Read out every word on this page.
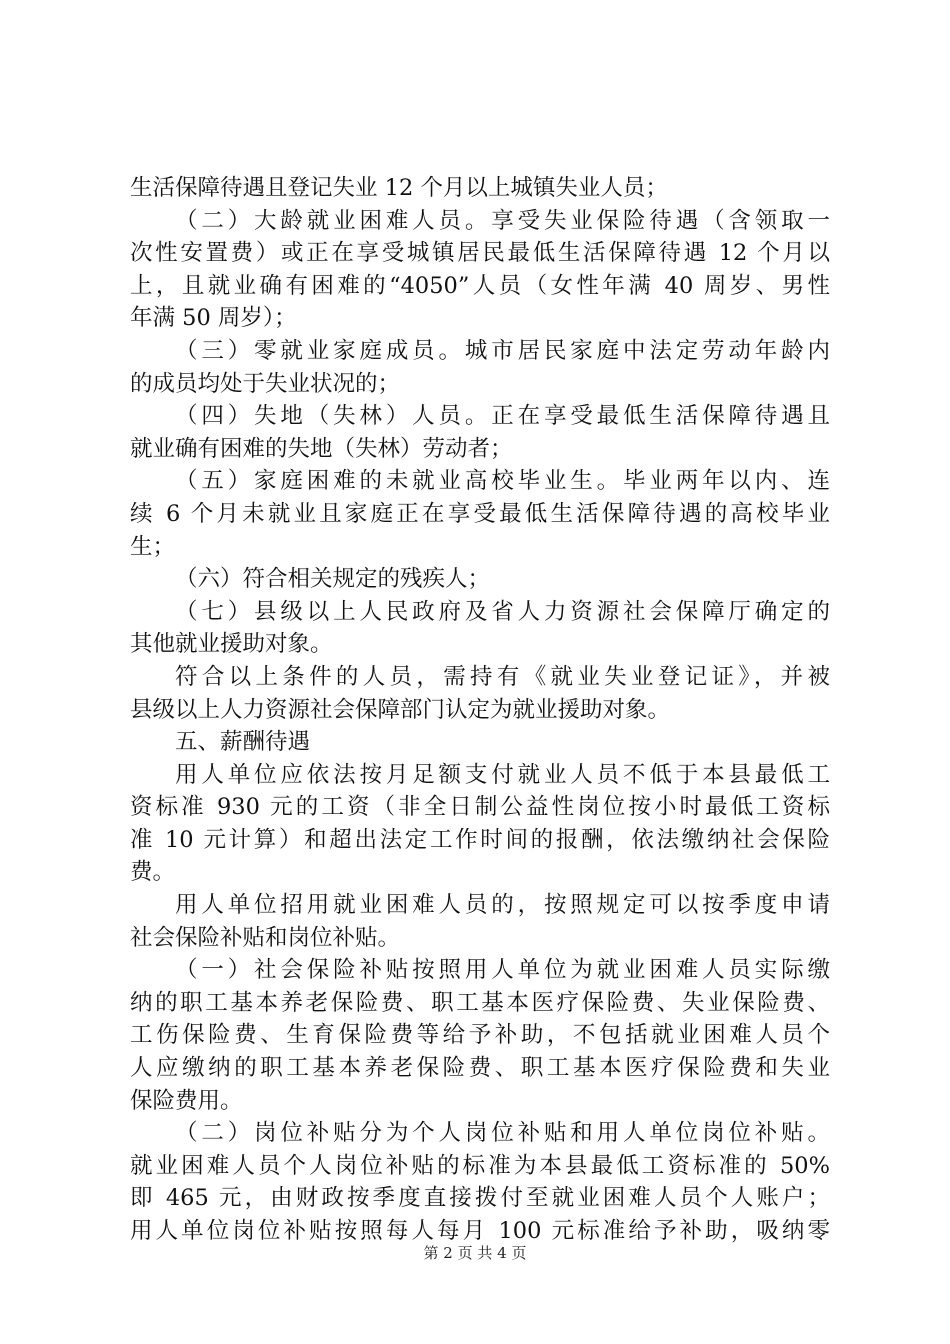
生活保障待遇且登记失业 12 个月以上城镇失业人员；
（二）大龄就业困难人员。享受失业保险待遇（含领取一
次性安置费）或正在享受城镇居民最低生活保障待遇 12 个月以
上，且就业确有困难的“4050”人员（女性年满 40 周岁、男性
年满 50 周岁）；
（三）零就业家庭成员。城市居民家庭中法定劳动年龄内
的成员均处于失业状况的；
（四）失地（失林）人员。正在享受最低生活保障待遇且
就业确有困难的失地（失林）劳动者；
（五）家庭困难的未就业高校毕业生。毕业两年以内、连
续 6 个月未就业且家庭正在享受最低生活保障待遇的高校毕业
生；
（六）符合相关规定的残疾人；
（七）县级以上人民政府及省人力资源社会保障厅确定的
其他就业援助对象。
符合以上条件的人员，需持有《就业失业登记证》，并被
县级以上人力资源社会保障部门认定为就业援助对象。
五、薪酬待遇
用人单位应依法按月足额支付就业人员不低于本县最低工
资标准 930 元的工资（非全日制公益性岗位按小时最低工资标
准 10 元计算）和超出法定工作时间的报酬，依法缴纳社会保险
费。
用人单位招用就业困难人员的，按照规定可以按季度申请
社会保险补贴和岗位补贴。
（一）社会保险补贴按照用人单位为就业困难人员实际缴
纳的职工基本养老保险费、职工基本医疗保险费、失业保险费、
工伤保险费、生育保险费等给予补助，不包括就业困难人员个
人应缴纳的职工基本养老保险费、职工基本医疗保险费和失业
保险费用。
（二）岗位补贴分为个人岗位补贴和用人单位岗位补贴。
就业困难人员个人岗位补贴的标准为本县最低工资标准的 50%
即 465 元，由财政按季度直接拨付至就业困难人员个人账户；
用人单位岗位补贴按照每人每月 100 元标准给予补助，吸纳零
第 2 页 共 4 页
